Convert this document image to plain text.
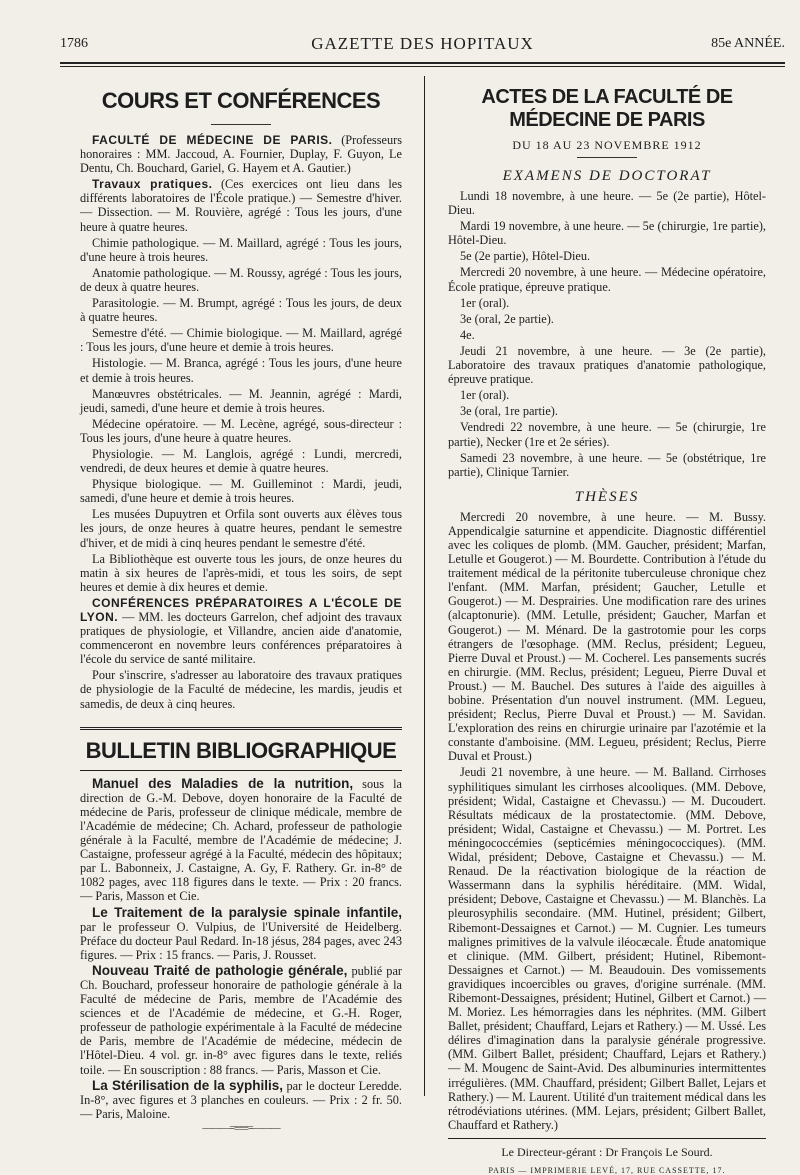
1786	GAZETTE DES HOPITAUX	85e ANNÉE.
COURS ET CONFÉRENCES

FACULTÉ DE MÉDECINE DE PARIS. (Professeurs honoraires : MM. Jaccoud, A. Fournier, Duplay, F. Guyon, Le Dentu, Ch. Bouchard, Gariel, G. Hayem et A. Gautier.)

Travaux pratiques. (Ces exercices ont lieu dans les différents laboratoires de l'École pratique.) — Semestre d'hiver. — Dissection. — M. Rouvière, agrégé : Tous les jours, d'une heure à quatre heures.

Chimie pathologique. — M. Maillard, agrégé : Tous les jours, d'une heure à trois heures.

Anatomie pathologique. — M. Roussy, agrégé : Tous les jours, de deux à quatre heures.

Parasitologie. — M. Brumpt, agrégé : Tous les jours, de deux à quatre heures.

Semestre d'été. — Chimie biologique. — M. Maillard, agrégé : Tous les jours, d'une heure et demie à trois heures.

Histologie. — M. Branca, agrégé : Tous les jours, d'une heure et demie à trois heures.

Manœuvres obstétricales. — M. Jeannin, agrégé : Mardi, jeudi, samedi, d'une heure et demie à trois heures.

Médecine opératoire. — M. Lecène, agrégé, sous-directeur : Tous les jours, d'une heure à quatre heures.

Physiologie. — M. Langlois, agrégé : Lundi, mercredi, vendredi, de deux heures et demie à quatre heures.

Physique biologique. — M. Guilleminot : Mardi, jeudi, samedi, d'une heure et demie à trois heures.

Les musées Dupuytren et Orfila sont ouverts aux élèves tous les jours, de onze heures à quatre heures, pendant le semestre d'hiver, et de midi à cinq heures pendant le semestre d'été.

La Bibliothèque est ouverte tous les jours, de onze heures du matin à six heures de l'après-midi, et tous les soirs, de sept heures et demie à dix heures et demie.

CONFÉRENCES PRÉPARATOIRES A L'ÉCOLE DE LYON. — MM. les docteurs Garrelon, chef adjoint des travaux pratiques de physiologie, et Villandre, ancien aide d'anatomie, commenceront en novembre leurs conférences préparatoires à l'école du service de santé militaire.

Pour s'inscrire, s'adresser au laboratoire des travaux pratiques de physiologie de la Faculté de médecine, les mardis, jeudis et samedis, de deux à cinq heures.

BULLETIN BIBLIOGRAPHIQUE

Manuel des Maladies de la nutrition, sous la direction de G.-M. Debove, doyen honoraire de la Faculté de médecine de Paris, professeur de clinique médicale, membre de l'Académie de médecine; Ch. Achard, professeur de pathologie générale à la Faculté, membre de l'Académie de médecine; J. Castaigne, professeur agrégé à la Faculté, médecin des hôpitaux; par L. Babonneix, J. Castaigne, A. Gy, F. Rathery. Gr. in-8° de 1082 pages, avec 118 figures dans le texte. — Prix : 20 francs. — Paris, Masson et Cie.

Le Traitement de la paralysie spinale infantile, par le professeur O. Vulpius, de l'Université de Heidelberg. Préface du docteur Paul Redard. In-18 jésus, 284 pages, avec 243 figures. — Prix : 15 francs. — Paris, J. Rousset.

Nouveau Traité de pathologie générale, publié par Ch. Bouchard, professeur honoraire de pathologie générale à la Faculté de médecine de Paris, membre de l'Académie des sciences et de l'Académie de médecine, et G.-H. Roger, professeur de pathologie expérimentale à la Faculté de médecine de Paris, membre de l'Académie de médecine, médecin de l'Hôtel-Dieu. 4 vol. gr. in-8° avec figures dans le texte, reliés toile. — En souscription : 88 francs. — Paris, Masson et Cie.

La Stérilisation de la syphilis, par le docteur Leredde. In-8°, avec figures et 3 planches en couleurs. — Prix : 2 fr. 50. — Paris, Maloine.

———=≡≡≡=———
ACTES DE LA FACULTÉ DE MÉDECINE DE PARIS
DU 18 AU 23 NOVEMBRE 1912
EXAMENS DE DOCTORAT

Lundi 18 novembre, à une heure. — 5e (2e partie), Hôtel-Dieu.

Mardi 19 novembre, à une heure. — 5e (chirurgie, 1re partie), Hôtel-Dieu.

5e (2e partie), Hôtel-Dieu.

Mercredi 20 novembre, à une heure. — Médecine opératoire, École pratique, épreuve pratique.

1er (oral).

3e (oral, 2e partie).

4e.

Jeudi 21 novembre, à une heure. — 3e (2e partie), Laboratoire des travaux pratiques d'anatomie pathologique, épreuve pratique.

1er (oral).

3e (oral, 1re partie).

Vendredi 22 novembre, à une heure. — 5e (chirurgie, 1re partie), Necker (1re et 2e séries).

Samedi 23 novembre, à une heure. — 5e (obstétrique, 1re partie), Clinique Tarnier.

THÈSES

Mercredi 20 novembre, à une heure. — M. Bussy. Appendicalgie saturnine et appendicite. Diagnostic différentiel avec les coliques de plomb. (MM. Gaucher, président; Marfan, Letulle et Gougerot.) — M. Bourdette. Contribution à l'étude du traitement médical de la péritonite tuberculeuse chronique chez l'enfant. (MM. Marfan, président; Gaucher, Letulle et Gougerot.) — M. Desprairies. Une modification rare des urines (alcaptonurie). (MM. Letulle, président; Gaucher, Marfan et Gougerot.) — M. Ménard. De la gastrotomie pour les corps étrangers de l'œsophage. (MM. Reclus, président; Legueu, Pierre Duval et Proust.) — M. Cocherel. Les pansements sucrés en chirurgie. (MM. Reclus, président; Legueu, Pierre Duval et Proust.) — M. Bauchel. Des sutures à l'aide des aiguilles à bobine. Présentation d'un nouvel instrument. (MM. Legueu, président; Reclus, Pierre Duval et Proust.) — M. Savidan. L'exploration des reins en chirurgie urinaire par l'azotémie et la constante d'amboisine. (MM. Legueu, président; Reclus, Pierre Duval et Proust.)

Jeudi 21 novembre, à une heure. — M. Balland. Cirrhoses syphilitiques simulant les cirrhoses alcooliques. (MM. Debove, président; Widal, Castaigne et Chevassu.) — M. Ducoudert. Résultats médicaux de la prostatectomie. (MM. Debove, président; Widal, Castaigne et Chevassu.) — M. Portret. Les méningococcémies (septicémies méningococciques). (MM. Widal, président; Debove, Castaigne et Chevassu.) — M. Renaud. De la réactivation biologique de la réaction de Wassermann dans la syphilis héréditaire. (MM. Widal, président; Debove, Castaigne et Chevassu.) — M. Blanchès. La pleurosyphilis secondaire. (MM. Hutinel, président; Gilbert, Ribemont-Dessaignes et Carnot.) — M. Cugnier. Les tumeurs malignes primitives de la valvule iléocæcale. Étude anatomique et clinique. (MM. Gilbert, président; Hutinel, Ribemont-Dessaignes et Carnot.) — M. Beaudouin. Des vomissements gravidiques incoercibles ou graves, d'origine surrénale. (MM. Ribemont-Dessaignes, président; Hutinel, Gilbert et Carnot.) — M. Moriez. Les hémorragies dans les néphrites. (MM. Gilbert Ballet, président; Chauffard, Lejars et Rathery.) — M. Ussé. Les délires d'imagination dans la paralysie générale progressive. (MM. Gilbert Ballet, président; Chauffard, Lejars et Rathery.) — M. Mougenc de Saint-Avid. Des albuminuries intermittentes irrégulières. (MM. Chauffard, président; Gilbert Ballet, Lejars et Rathery.) — M. Laurent. Utilité d'un traitement médical dans les rétrodéviations utérines. (MM. Lejars, président; Gilbert Ballet, Chauffard et Rathery.)

Le Directeur-gérant : Dr François Le Sourd.
PARIS — IMPRIMERIE LEVÉ, 17, RUE CASSETTE, 17.
